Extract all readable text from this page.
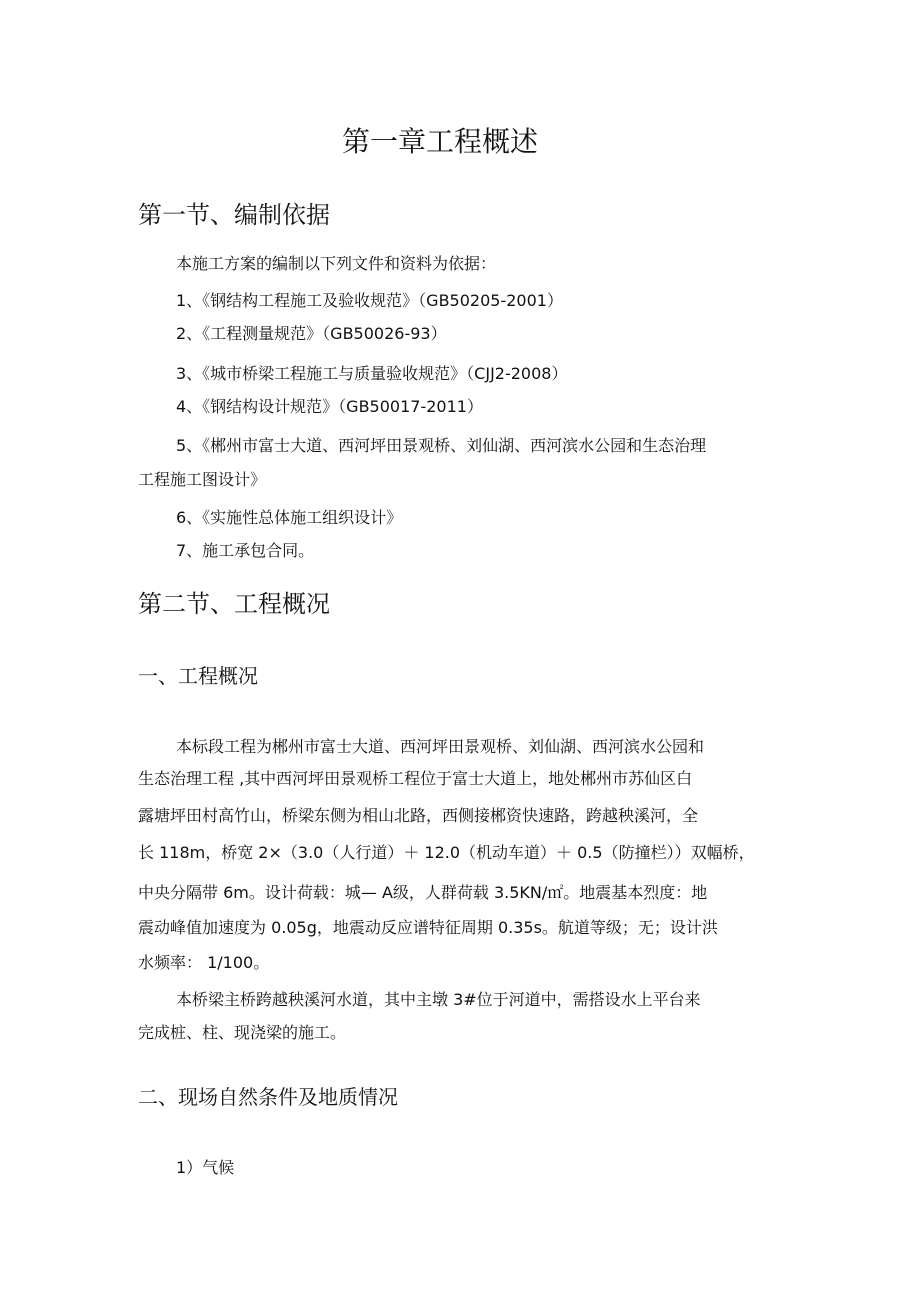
第一章工程概述
第一节、编制依据
本施工方案的编制以下列文件和资料为依据：
1、《钢结构工程施工及验收规范》（GB50205-2001）
2、《工程测量规范》（GB50026-93）
3、《城市桥梁工程施工与质量验收规范》（CJJ2-2008）
4、《钢结构设计规范》（GB50017-2011）
5、《郴州市富士大道、西河坪田景观桥、刘仙湖、西河滨水公园和生态治理
工程施工图设计》
6、《实施性总体施工组织设计》
7、施工承包合同。
第二节、工程概况
一、工程概况
本标段工程为郴州市富士大道、西河坪田景观桥、刘仙湖、西河滨水公园和
生态治理工程 ,其中西河坪田景观桥工程位于富士大道上，地处郴州市苏仙区白
露塘坪田村高竹山，桥梁东侧为相山北路，西侧接郴资快速路，跨越秧溪河，全
长 118m，桥宽 2×（3.0（人行道）＋ 12.0（机动车道）＋ 0.5（防撞栏））双幅桥，
中央分隔带 6m。设计荷载：城— A级，人群荷载 3.5KN/㎡。地震基本烈度：地
震动峰值加速度为 0.05g，地震动反应谱特征周期 0.35s。航道等级；无；设计洪
水频率： 1/100。
本桥梁主桥跨越秧溪河水道，其中主墩 3#位于河道中，需搭设水上平台来
完成桩、柱、现浇梁的施工。
二、现场自然条件及地质情况
1）气候
